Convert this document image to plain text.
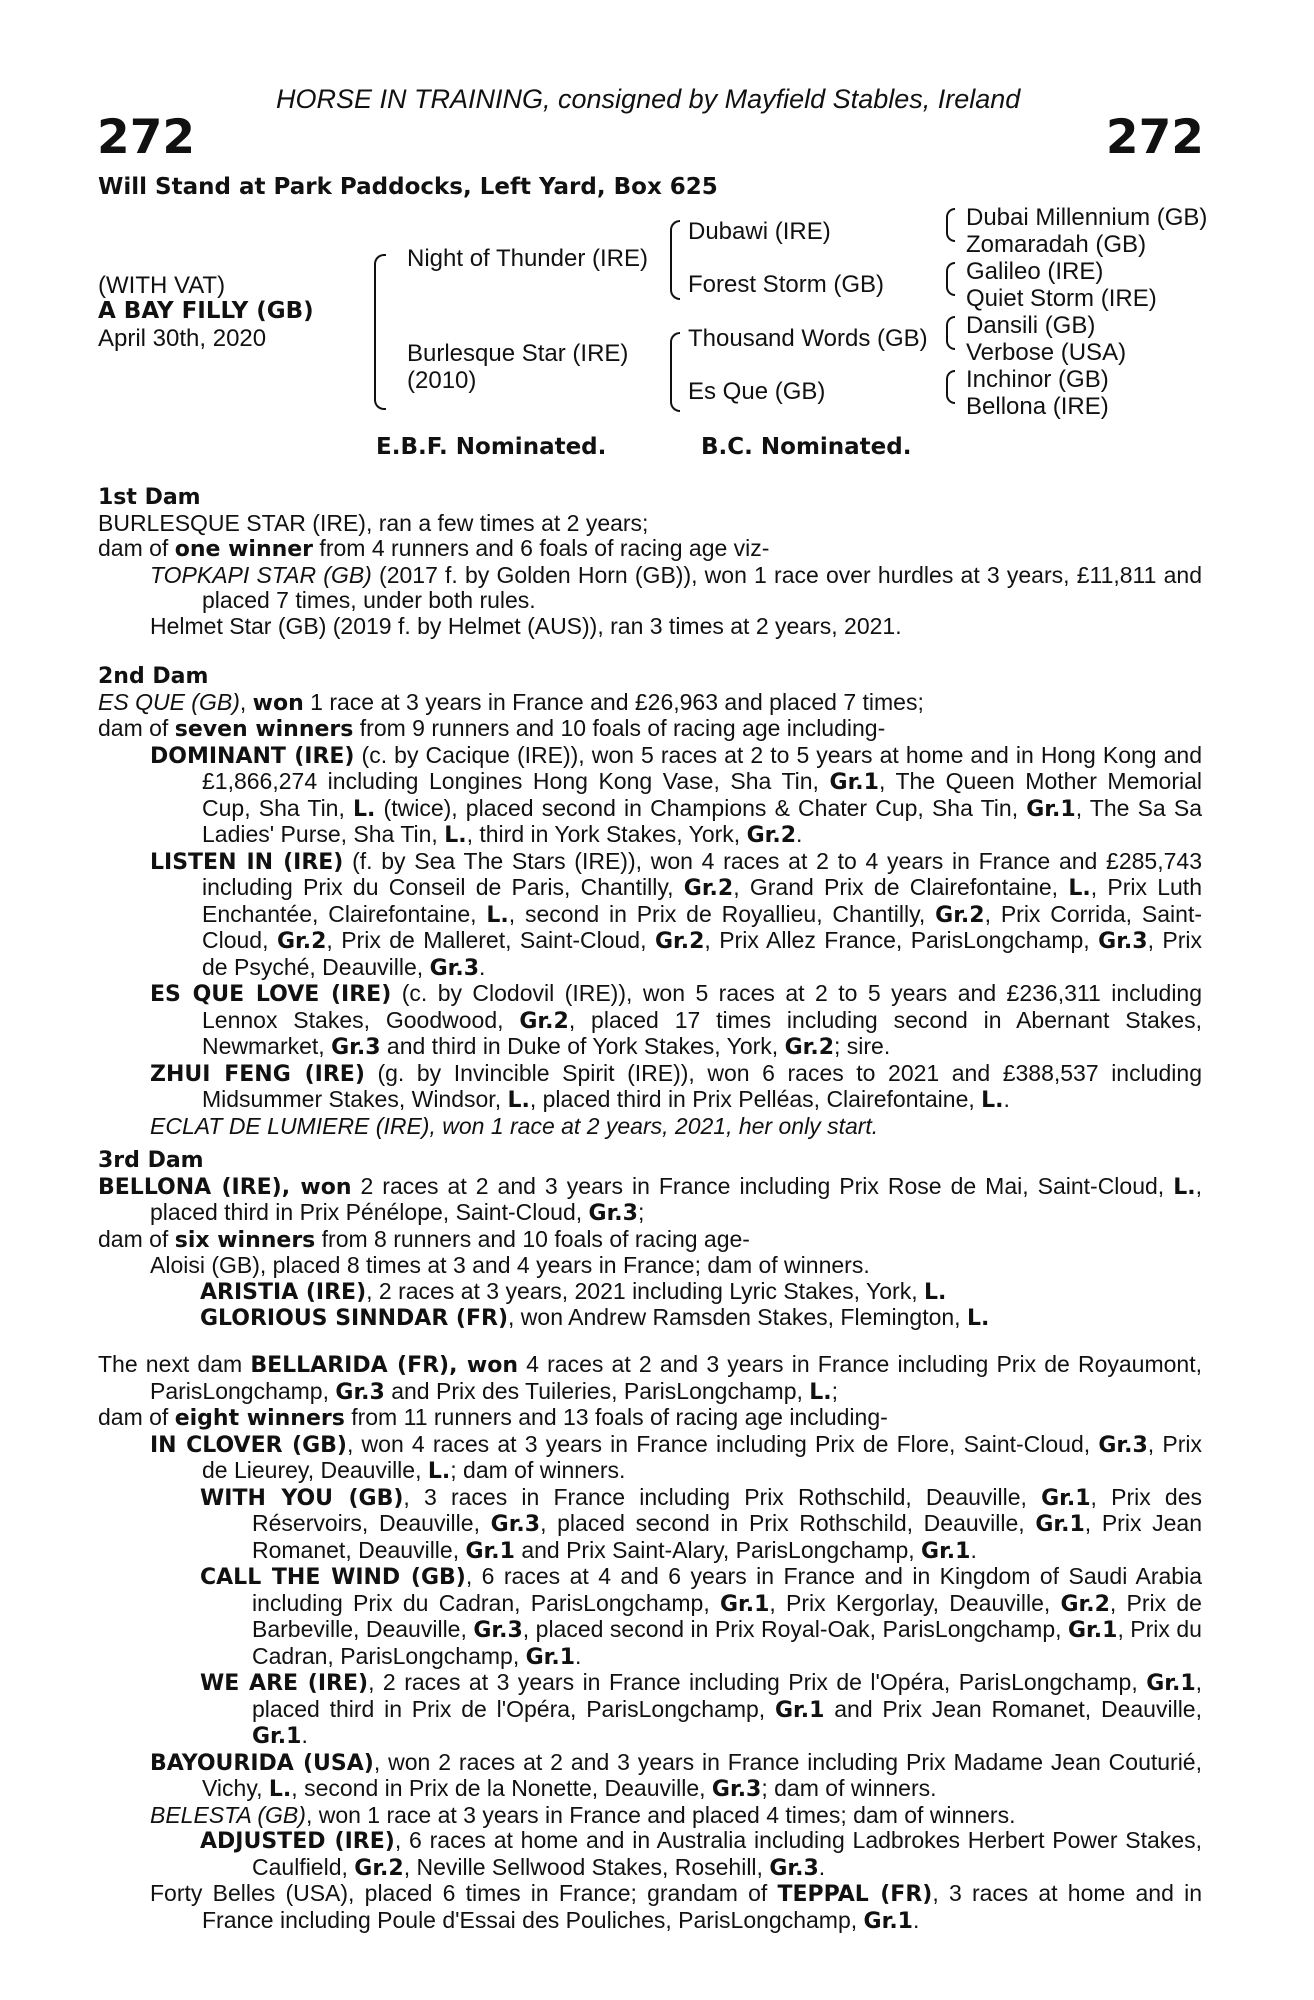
HORSE IN TRAINING, consigned by Mayfield Stables, Ireland
272	272
Will Stand at Park Paddocks, Left Yard, Box 625
(WITH VAT)
A BAY FILLY (GB)
April 30th, 2020
Night of Thunder (IRE)
Burlesque Star (IRE)
(2010)
Dubawi (IRE)
Forest Storm (GB)
Thousand Words (GB)
Es Que (GB)
Dubai Millennium (GB)
Zomaradah (GB)
Galileo (IRE)
Quiet Storm (IRE)
Dansili (GB)
Verbose (USA)
Inchinor (GB)
Bellona (IRE)
E.B.F. Nominated.	B.C. Nominated.

1st Dam

BURLESQUE STAR (IRE), ran a few times at 2 years;

dam of one winner from 4 runners and 6 foals of racing age viz-

TOPKAPI STAR (GB) (2017 f. by Golden Horn (GB)), won 1 race over hurdles at 3 years, £11,811 and placed 7 times, under both rules.

Helmet Star (GB) (2019 f. by Helmet (AUS)), ran 3 times at 2 years, 2021.

2nd Dam

ES QUE (GB), won 1 race at 3 years in France and £26,963 and placed 7 times;

dam of seven winners from 9 runners and 10 foals of racing age including-

DOMINANT (IRE) (c. by Cacique (IRE)), won 5 races at 2 to 5 years at home and in Hong Kong and £1,866,274 including Longines Hong Kong Vase, Sha Tin, Gr.1, The Queen Mother Memorial Cup, Sha Tin, L. (twice), placed second in Champions & Chater Cup, Sha Tin, Gr.1, The Sa Sa Ladies' Purse, Sha Tin, L., third in York Stakes, York, Gr.2.

LISTEN IN (IRE) (f. by Sea The Stars (IRE)), won 4 races at 2 to 4 years in France and £285,743 including Prix du Conseil de Paris, Chantilly, Gr.2, Grand Prix de Clairefontaine, L., Prix Luth Enchantée, Clairefontaine, L., second in Prix de Royallieu, Chantilly, Gr.2, Prix Corrida, Saint-Cloud, Gr.2, Prix de Malleret, Saint-Cloud, Gr.2, Prix Allez France, ParisLongchamp, Gr.3, Prix de Psyché, Deauville, Gr.3.

ES QUE LOVE (IRE) (c. by Clodovil (IRE)), won 5 races at 2 to 5 years and £236,311 including Lennox Stakes, Goodwood, Gr.2, placed 17 times including second in Abernant Stakes, Newmarket, Gr.3 and third in Duke of York Stakes, York, Gr.2; sire.

ZHUI FENG (IRE) (g. by Invincible Spirit (IRE)), won 6 races to 2021 and £388,537 including Midsummer Stakes, Windsor, L., placed third in Prix Pelléas, Clairefontaine, L..

ECLAT DE LUMIERE (IRE), won 1 race at 2 years, 2021, her only start.

3rd Dam

BELLONA (IRE), won 2 races at 2 and 3 years in France including Prix Rose de Mai, Saint-Cloud, L., placed third in Prix Pénélope, Saint-Cloud, Gr.3;

dam of six winners from 8 runners and 10 foals of racing age-

Aloisi (GB), placed 8 times at 3 and 4 years in France; dam of winners.

ARISTIA (IRE), 2 races at 3 years, 2021 including Lyric Stakes, York, L.

GLORIOUS SINNDAR (FR), won Andrew Ramsden Stakes, Flemington, L.

The next dam BELLARIDA (FR), won 4 races at 2 and 3 years in France including Prix de Royaumont, ParisLongchamp, Gr.3 and Prix des Tuileries, ParisLongchamp, L.;

dam of eight winners from 11 runners and 13 foals of racing age including-

IN CLOVER (GB), won 4 races at 3 years in France including Prix de Flore, Saint-Cloud, Gr.3, Prix de Lieurey, Deauville, L.; dam of winners.

WITH YOU (GB), 3 races in France including Prix Rothschild, Deauville, Gr.1, Prix des Réservoirs, Deauville, Gr.3, placed second in Prix Rothschild, Deauville, Gr.1, Prix Jean Romanet, Deauville, Gr.1 and Prix Saint-Alary, ParisLongchamp, Gr.1.

CALL THE WIND (GB), 6 races at 4 and 6 years in France and in Kingdom of Saudi Arabia including Prix du Cadran, ParisLongchamp, Gr.1, Prix Kergorlay, Deauville, Gr.2, Prix de Barbeville, Deauville, Gr.3, placed second in Prix Royal-Oak, ParisLongchamp, Gr.1, Prix du Cadran, ParisLongchamp, Gr.1.

WE ARE (IRE), 2 races at 3 years in France including Prix de l'Opéra, ParisLongchamp, Gr.1, placed third in Prix de l'Opéra, ParisLongchamp, Gr.1 and Prix Jean Romanet, Deauville, Gr.1.

BAYOURIDA (USA), won 2 races at 2 and 3 years in France including Prix Madame Jean Couturié, Vichy, L., second in Prix de la Nonette, Deauville, Gr.3; dam of winners.

BELESTA (GB), won 1 race at 3 years in France and placed 4 times; dam of winners.

ADJUSTED (IRE), 6 races at home and in Australia including Ladbrokes Herbert Power Stakes, Caulfield, Gr.2, Neville Sellwood Stakes, Rosehill, Gr.3.

Forty Belles (USA), placed 6 times in France; grandam of TEPPAL (FR), 3 races at home and in France including Poule d'Essai des Pouliches, ParisLongchamp, Gr.1.
